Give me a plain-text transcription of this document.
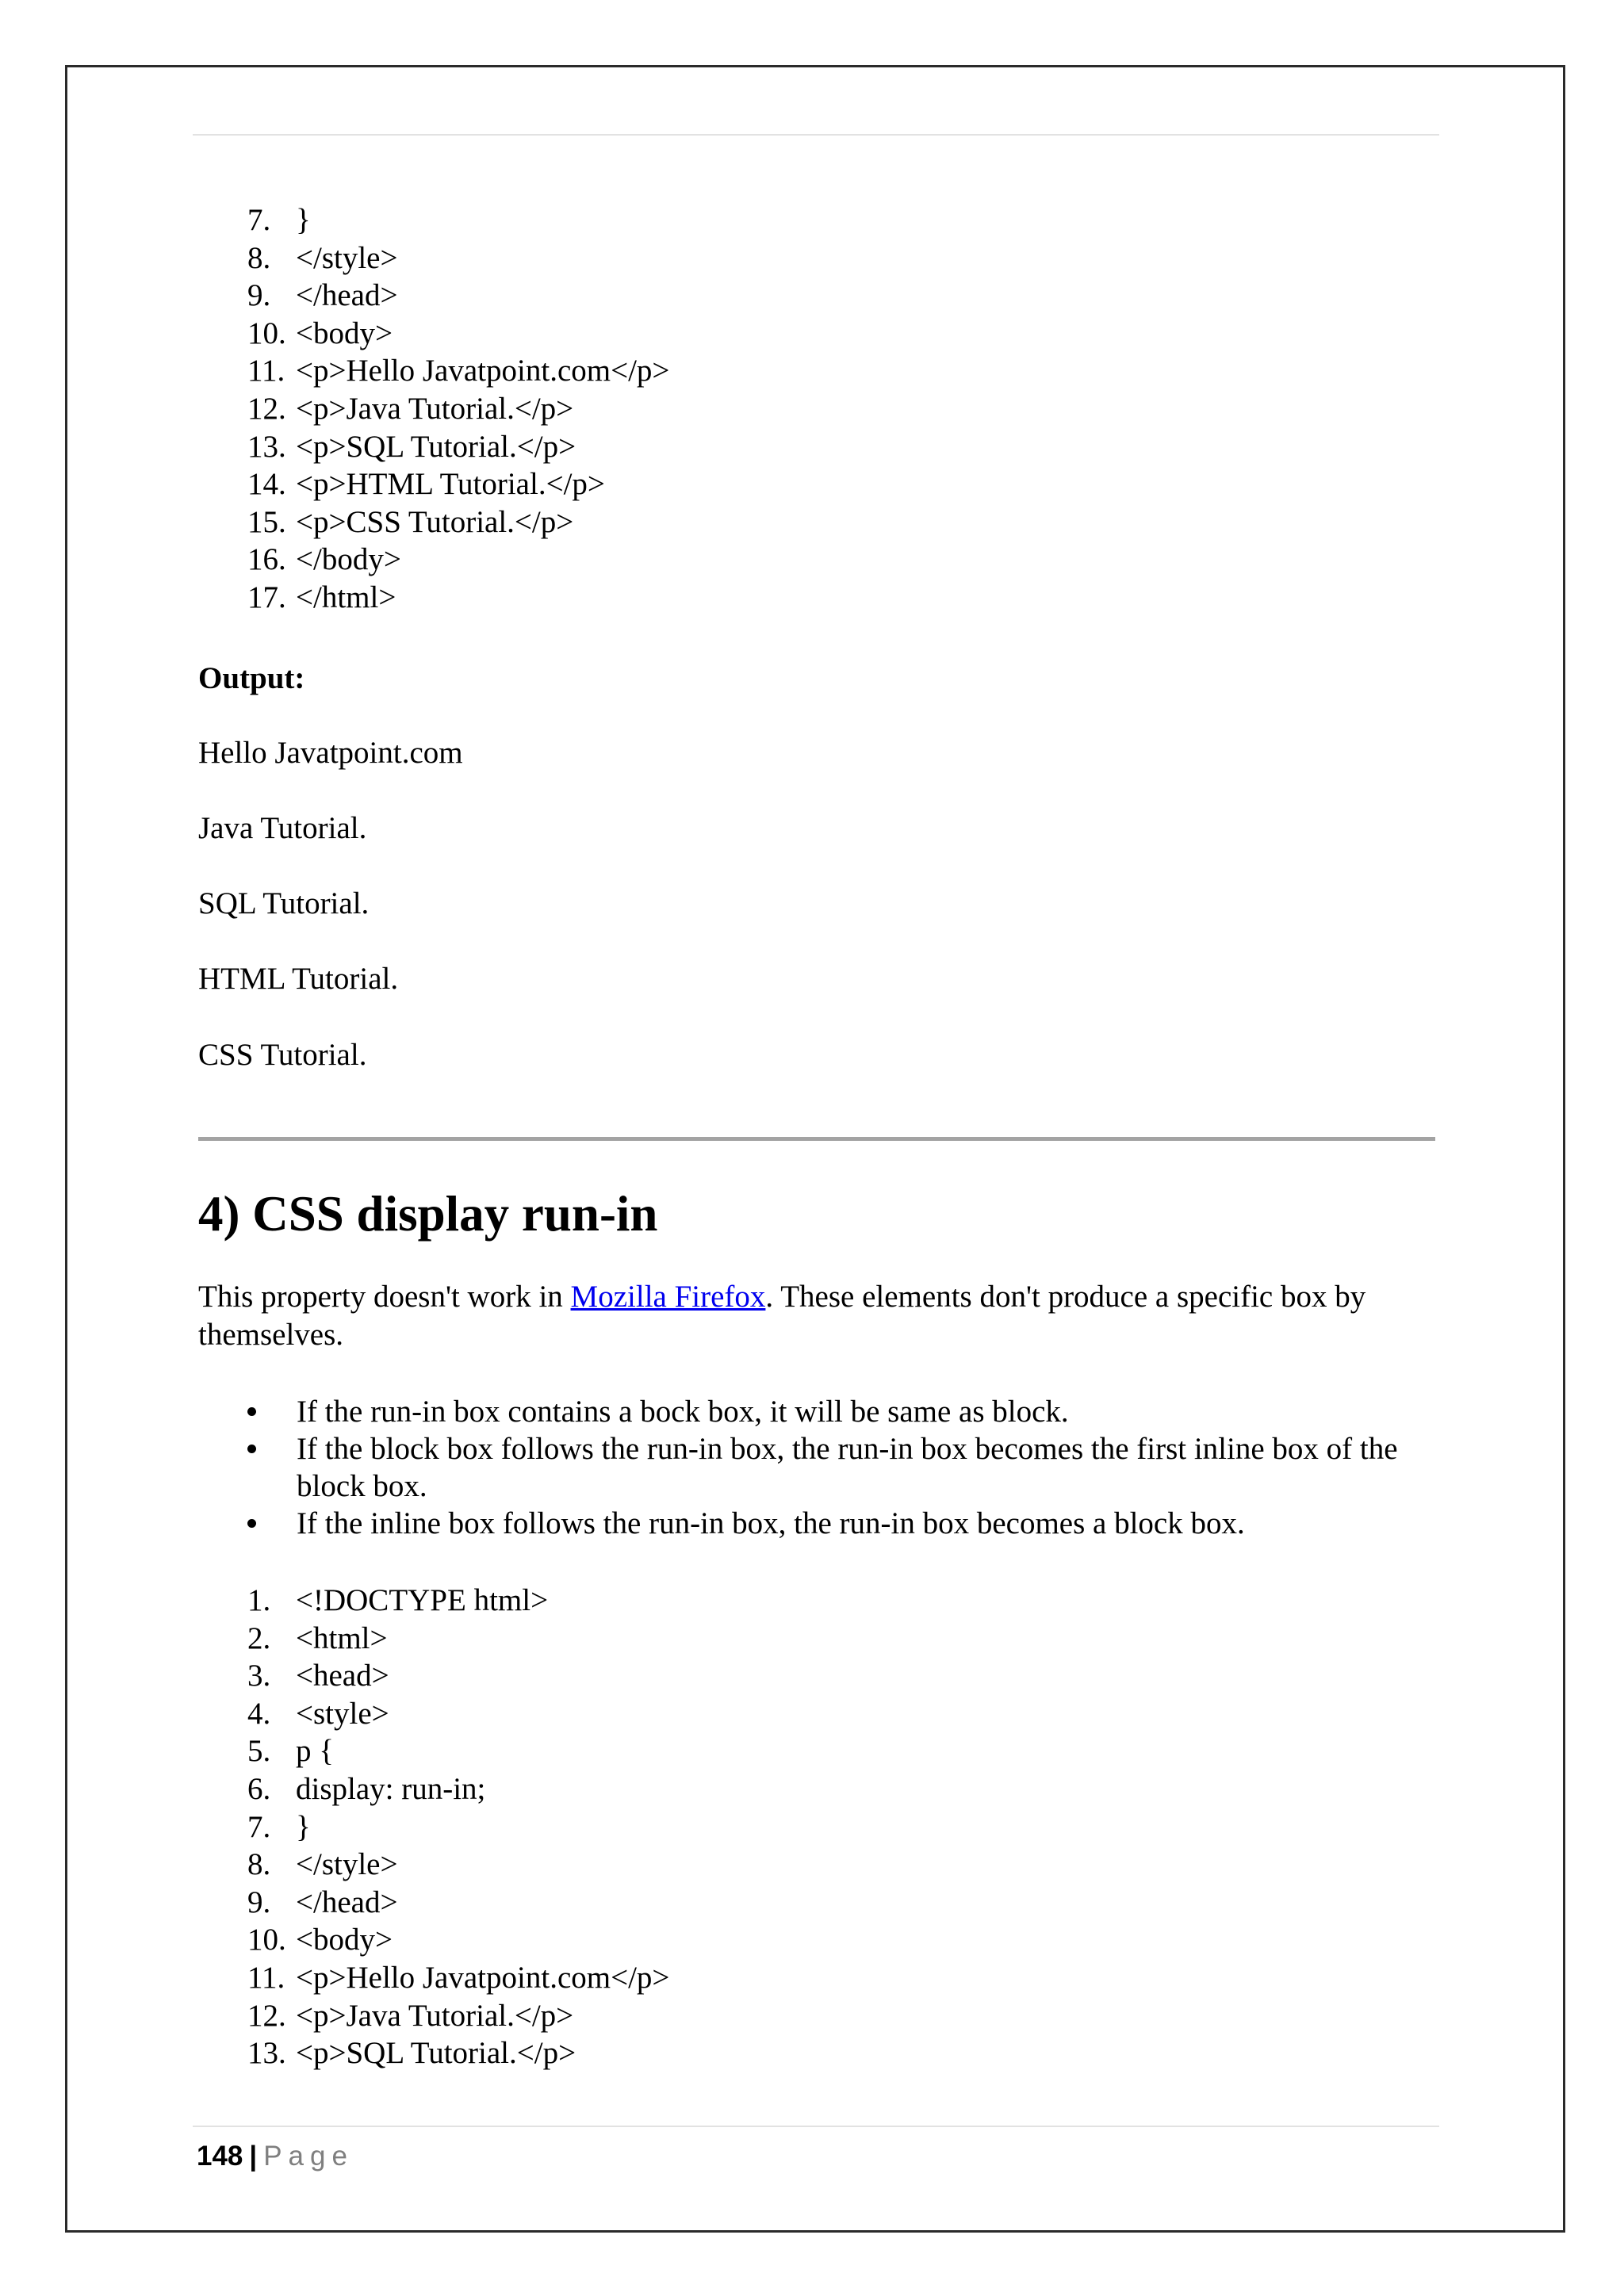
7. }
8. </style>
9. </head>
10. <body>
11. <p>Hello Javatpoint.com</p>
12. <p>Java Tutorial.</p>
13. <p>SQL Tutorial.</p>
14. <p>HTML Tutorial.</p>
15. <p>CSS Tutorial.</p>
16. </body>
17. </html>

Output:

Hello Javatpoint.com

Java Tutorial.

SQL Tutorial.

HTML Tutorial.

CSS Tutorial.

4) CSS display run-in

This property doesn't work in Mozilla Firefox. These elements don't produce a specific box by themselves.

If the run-in box contains a bock box, it will be same as block.
If the block box follows the run-in box, the run-in box becomes the first inline box of the block box.
If the inline box follows the run-in box, the run-in box becomes a block box.
1. <!DOCTYPE html>
2. <html>
3. <head>
4. <style>
5. p {
6. display: run-in;
7. }
8. </style>
9. </head>
10. <body>
11. <p>Hello Javatpoint.com</p>
12. <p>Java Tutorial.</p>
13. <p>SQL Tutorial.</p>

148 | Page
